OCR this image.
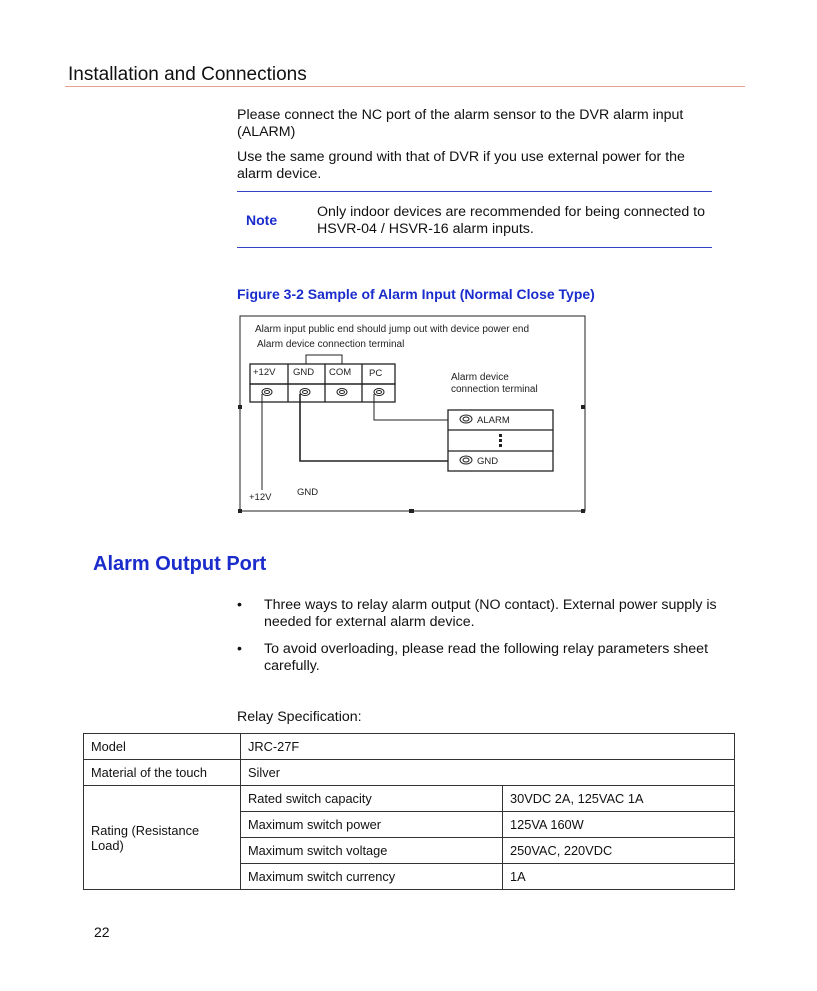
Installation and Connections
Please connect the NC port of the alarm sensor to the DVR alarm input (ALARM)
Use the same ground with that of DVR if you use external power for the alarm device.
Note	Only indoor devices are recommended for being connected to HSVR-04 / HSVR-16 alarm inputs.
Figure 3-2 Sample of Alarm Input (Normal Close Type)
Alarm input public end should jump out with device power end
Alarm device connection terminal
+12V GND COM PC	Alarm device
connection terminal
ALARM
GND
+12V	GND
Alarm Output Port
• Three ways to relay alarm output (NO contact). External power supply is needed for external alarm device.
• To avoid overloading, please read the following relay parameters sheet carefully.
Relay Specification:
Model	JRC-27F	
Material of the touch	Silver	
Rating (Resistance Load)	Rated switch capacity	30VDC 2A, 125VAC 1A
	Maximum switch power	125VA 160W
	Maximum switch voltage	250VAC, 220VDC
	Maximum switch currency	1A
22
